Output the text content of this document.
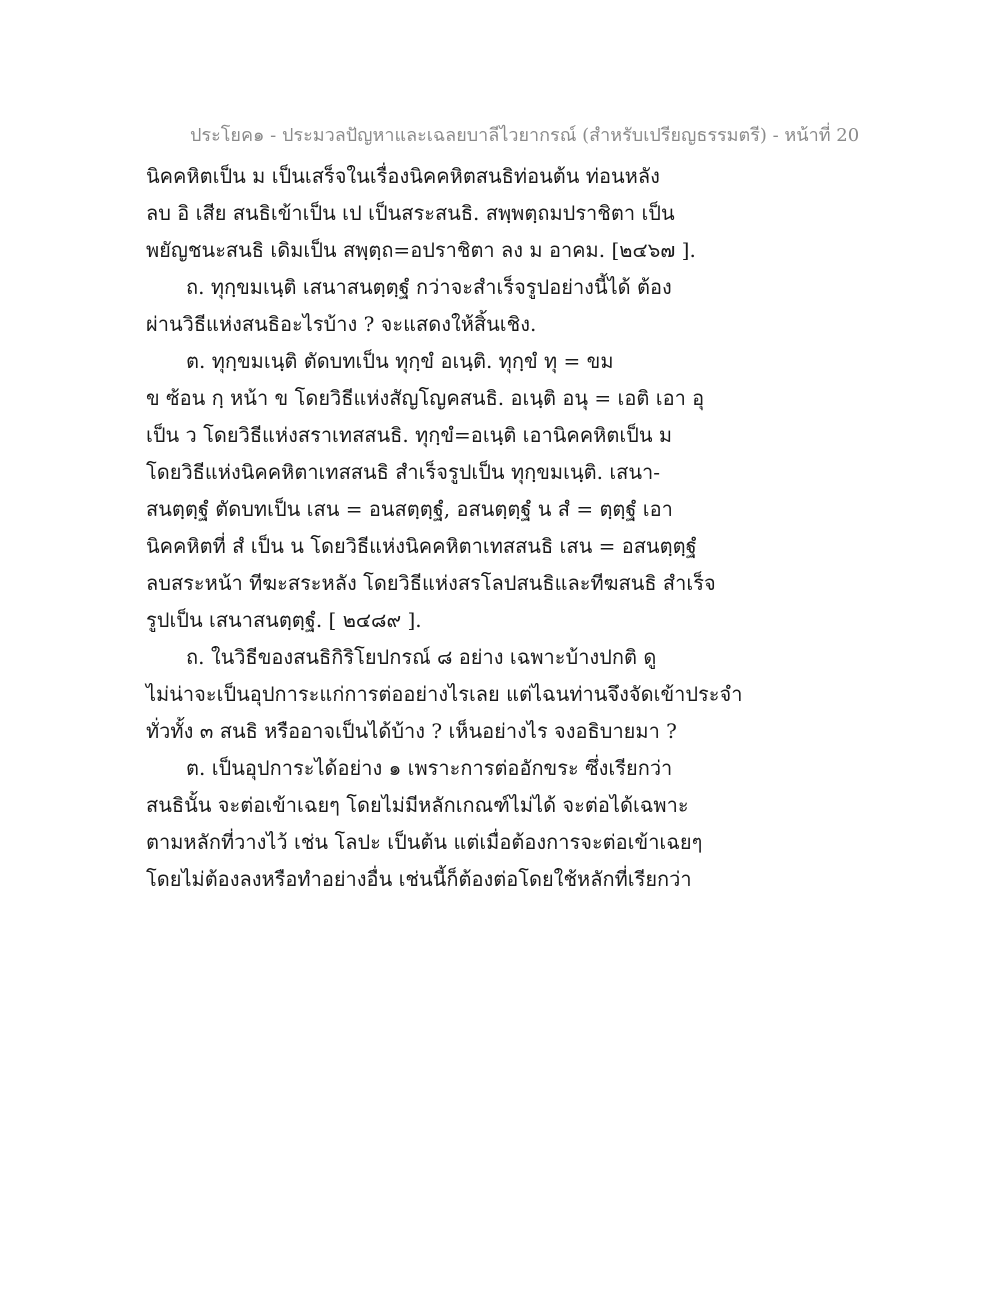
ประโยค๑ - ประมวลปัญหาและเฉลยบาลีไวยากรณ์ (สำหรับเปรียญธรรมตรี) - หน้าที่ 20
นิคคหิตเป็น ม เป็นเสร็จในเรื่องนิคคหิตสนธิท่อนต้น ท่อนหลัง
ลบ อิ เสีย สนธิเข้าเป็น เป เป็นสระสนธิ. สพฺพตฺถมปราชิตา เป็น
พยัญชนะสนธิ เดิมเป็น สพฺตฺถ=อปราชิตา ลง ม อาคม. [๒๔๖๗ ].
ถ. ทุกฺขมเนฺติ เสนาสนตฺตฺฐํ กว่าจะสำเร็จรูปอย่างนี้ได้ ต้อง
ผ่านวิธีแห่งสนธิอะไรบ้าง ? จะแสดงให้สิ้นเชิง.
ต. ทุกฺขมเนฺติ ตัดบทเป็น ทุกฺขํ อเนฺติ. ทุกฺขํ ทุ = ขม
ข ซ้อน กฺ หน้า ข โดยวิธีแห่งสัญโญคสนธิ. อเนฺติ อนุ = เอติ เอา อุ
เป็น ว โดยวิธีแห่งสราเทสสนธิ. ทุกฺขํ=อเนฺติ เอานิคคหิตเป็น ม
โดยวิธีแห่งนิคคหิตาเทสสนธิ สำเร็จรูปเป็น ทุกฺขมเนฺติ. เสนา-
สนตฺตฺฐํ ตัดบทเป็น เสน = อนสตฺตฺฐํ, อสนตฺตฺฐํ น สํ = ตฺตฺฐํ เอา
นิคคหิตที่ สํ เป็น น โดยวิธีแห่งนิคคหิตาเทสสนธิ เสน = อสนตฺตฺฐํ
ลบสระหน้า ทีฆะสระหลัง โดยวิธีแห่งสรโลปสนธิและทีฆสนธิ สำเร็จ
รูปเป็น เสนาสนตฺตฺฐํ. [ ๒๔๘๙ ].
ถ. ในวิธีของสนธิกิริโยปกรณ์ ๘ อย่าง เฉพาะบ้างปกติ ดู
ไม่น่าจะเป็นอุปการะแก่การต่ออย่างไรเลย แต่ไฉนท่านจึงจัดเข้าประจำ
ทั่วทั้ง ๓ สนธิ หรืออาจเป็นได้บ้าง ? เห็นอย่างไร จงอธิบายมา ?
ต. เป็นอุปการะได้อย่าง ๑ เพราะการต่ออักขระ ซึ่งเรียกว่า
สนธินั้น จะต่อเข้าเฉยๆ โดยไม่มีหลักเกณฑ์ไม่ได้ จะต่อได้เฉพาะ
ตามหลักที่วางไว้ เช่น โลปะ เป็นต้น แต่เมื่อต้องการจะต่อเข้าเฉยๆ
โดยไม่ต้องลงหรือทำอย่างอื่น เช่นนี้ก็ต้องต่อโดยใช้หลักที่เรียกว่า
